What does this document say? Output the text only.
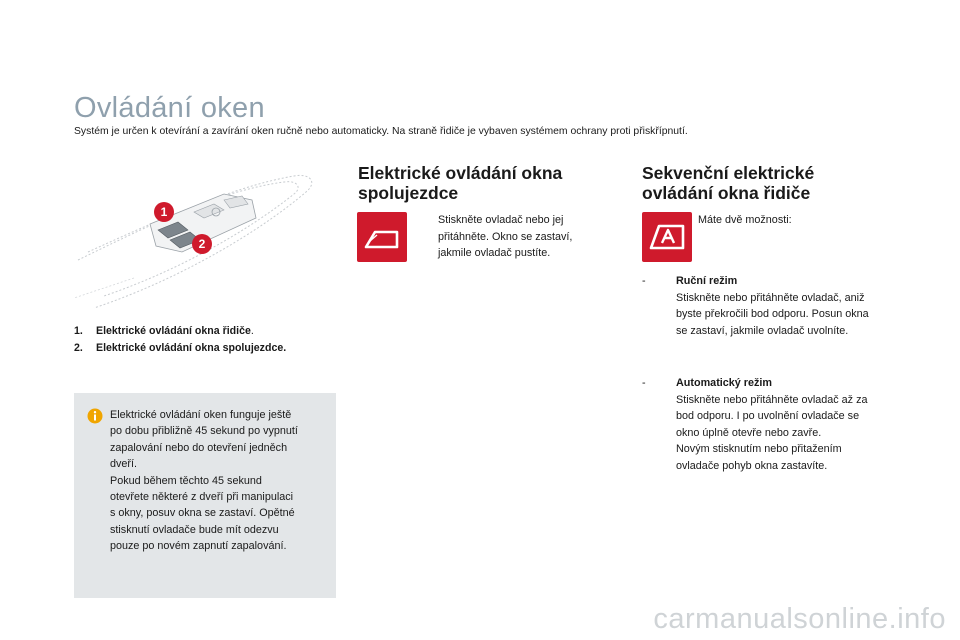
Ovládání oken
Systém je určen k otevírání a zavírání oken ručně nebo automaticky. Na straně řidiče je vybaven systémem ochrany proti přiskřípnutí.
1
2
1. Elektrické ovládání okna řidiče.
2. Elektrické ovládání okna spolujezdce.
Elektrické ovládání oken funguje ještě
po dobu přibližně 45 sekund po vypnutí
zapalování nebo do otevření jedněch
dveří.
Pokud během těchto 45 sekund
otevřete některé z dveří při manipulaci
s okny, posuv okna se zastaví. Opětné
stisknutí ovladače bude mít odezvu
pouze po novém zapnutí zapalování.
Elektrické ovládání okna
spolujezdce
Stiskněte ovladač nebo jej
přitáhněte. Okno se zastaví,
jakmile ovladač pustíte.
Sekvenční elektrické
ovládání okna řidiče
Máte dvě možnosti:
-	Ruční režim
Stiskněte nebo přitáhněte ovladač, aniž
byste překročili bod odporu. Posun okna
se zastaví, jakmile ovladač uvolníte.
-	Automatický režim
Stiskněte nebo přitáhněte ovladač až za
bod odporu. I po uvolnění ovladače se
okno úplně otevře nebo zavře.
Novým stisknutím nebo přitažením
ovladače pohyb okna zastavíte.
carmanualsonline.info
